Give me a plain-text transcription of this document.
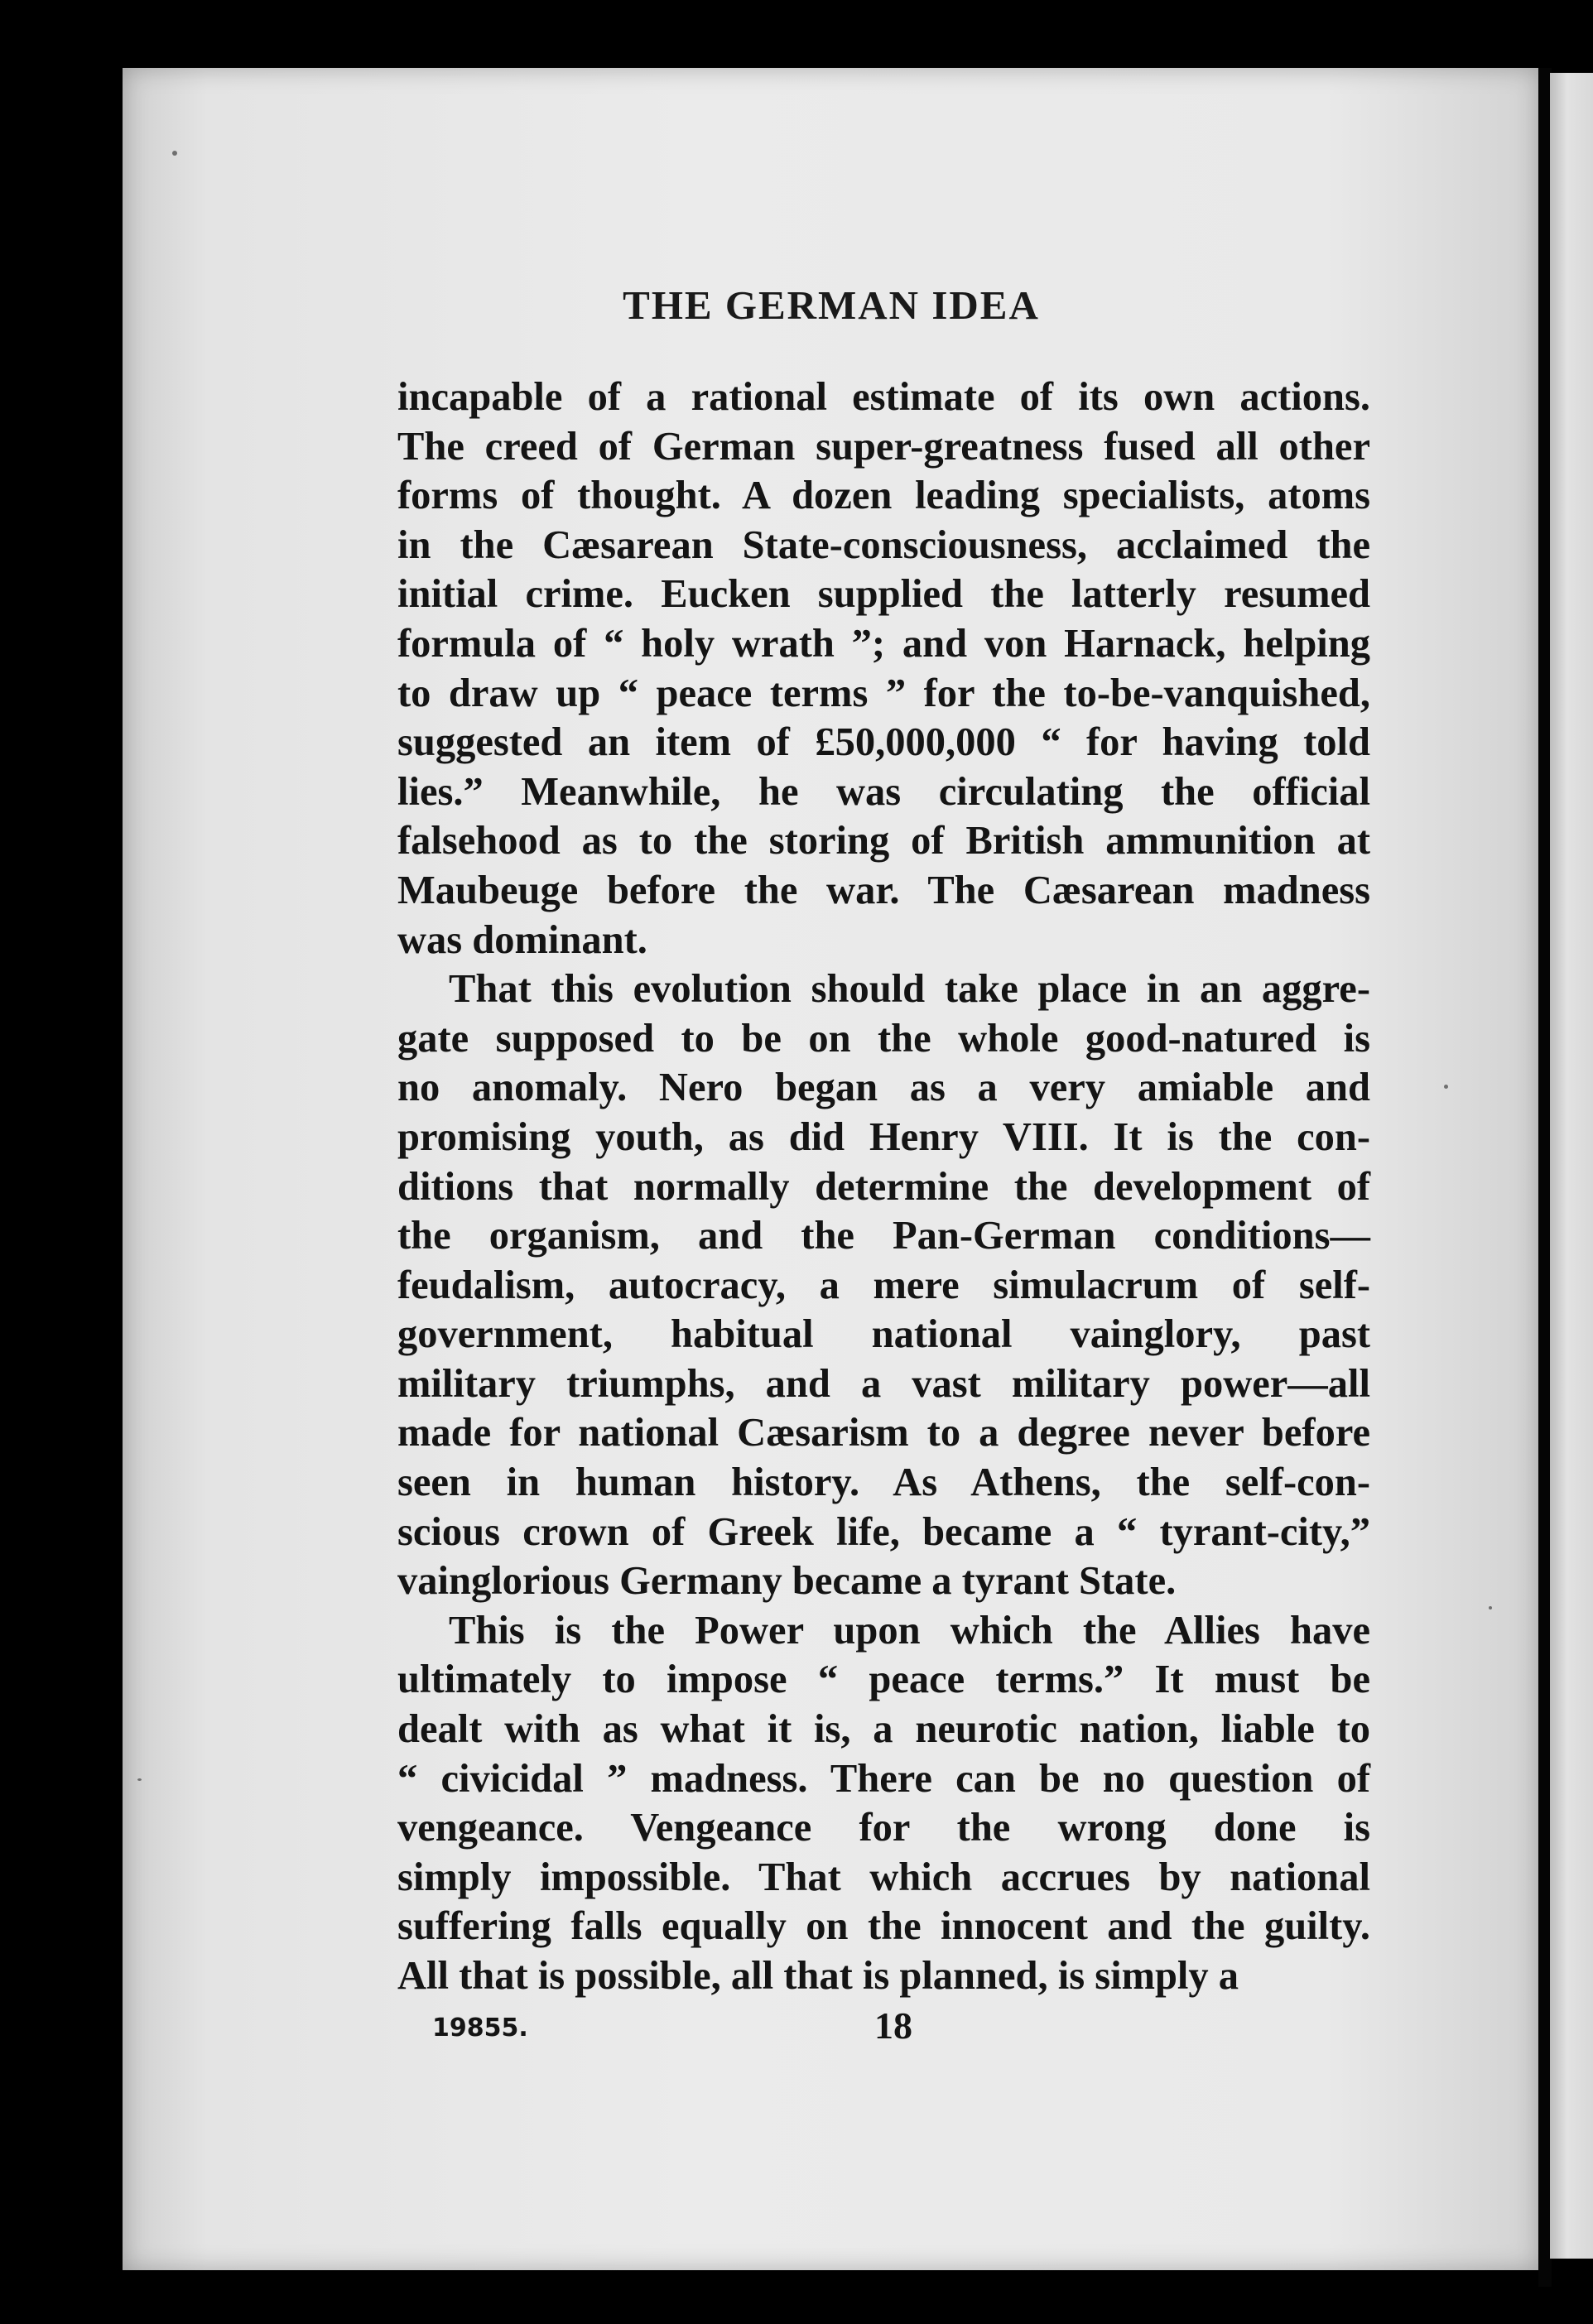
THE GERMAN IDEA

incapable of a rational estimate of its own actions.
The creed of German super-greatness fused all other
forms of thought. A dozen leading specialists, atoms
in the Cæsarean State-consciousness, acclaimed the
initial crime. Eucken supplied the latterly resumed
formula of “ holy wrath ”; and von Harnack, helping
to draw up “ peace terms ” for the to-be-vanquished,
suggested an item of £50,000,000 “ for having told
lies.” Meanwhile, he was circulating the official
falsehood as to the storing of British ammunition at
Maubeuge before the war. The Cæsarean madness
was dominant.

That this evolution should take place in an aggre-
gate supposed to be on the whole good-natured is
no anomaly. Nero began as a very amiable and
promising youth, as did Henry VIII. It is the con-
ditions that normally determine the development of
the organism, and the Pan-German conditions—
feudalism, autocracy, a mere simulacrum of self-
government, habitual national vainglory, past
military triumphs, and a vast military power—all
made for national Cæsarism to a degree never before
seen in human history. As Athens, the self-con-
scious crown of Greek life, became a “ tyrant-city,”
vainglorious Germany became a tyrant State.

This is the Power upon which the Allies have
ultimately to impose “ peace terms.” It must be
dealt with as what it is, a neurotic nation, liable to
“ civicidal ” madness. There can be no question of
vengeance. Vengeance for the wrong done is
simply impossible. That which accrues by national
suffering falls equally on the innocent and the guilty.
All that is possible, all that is planned, is simply a

19855.	18
